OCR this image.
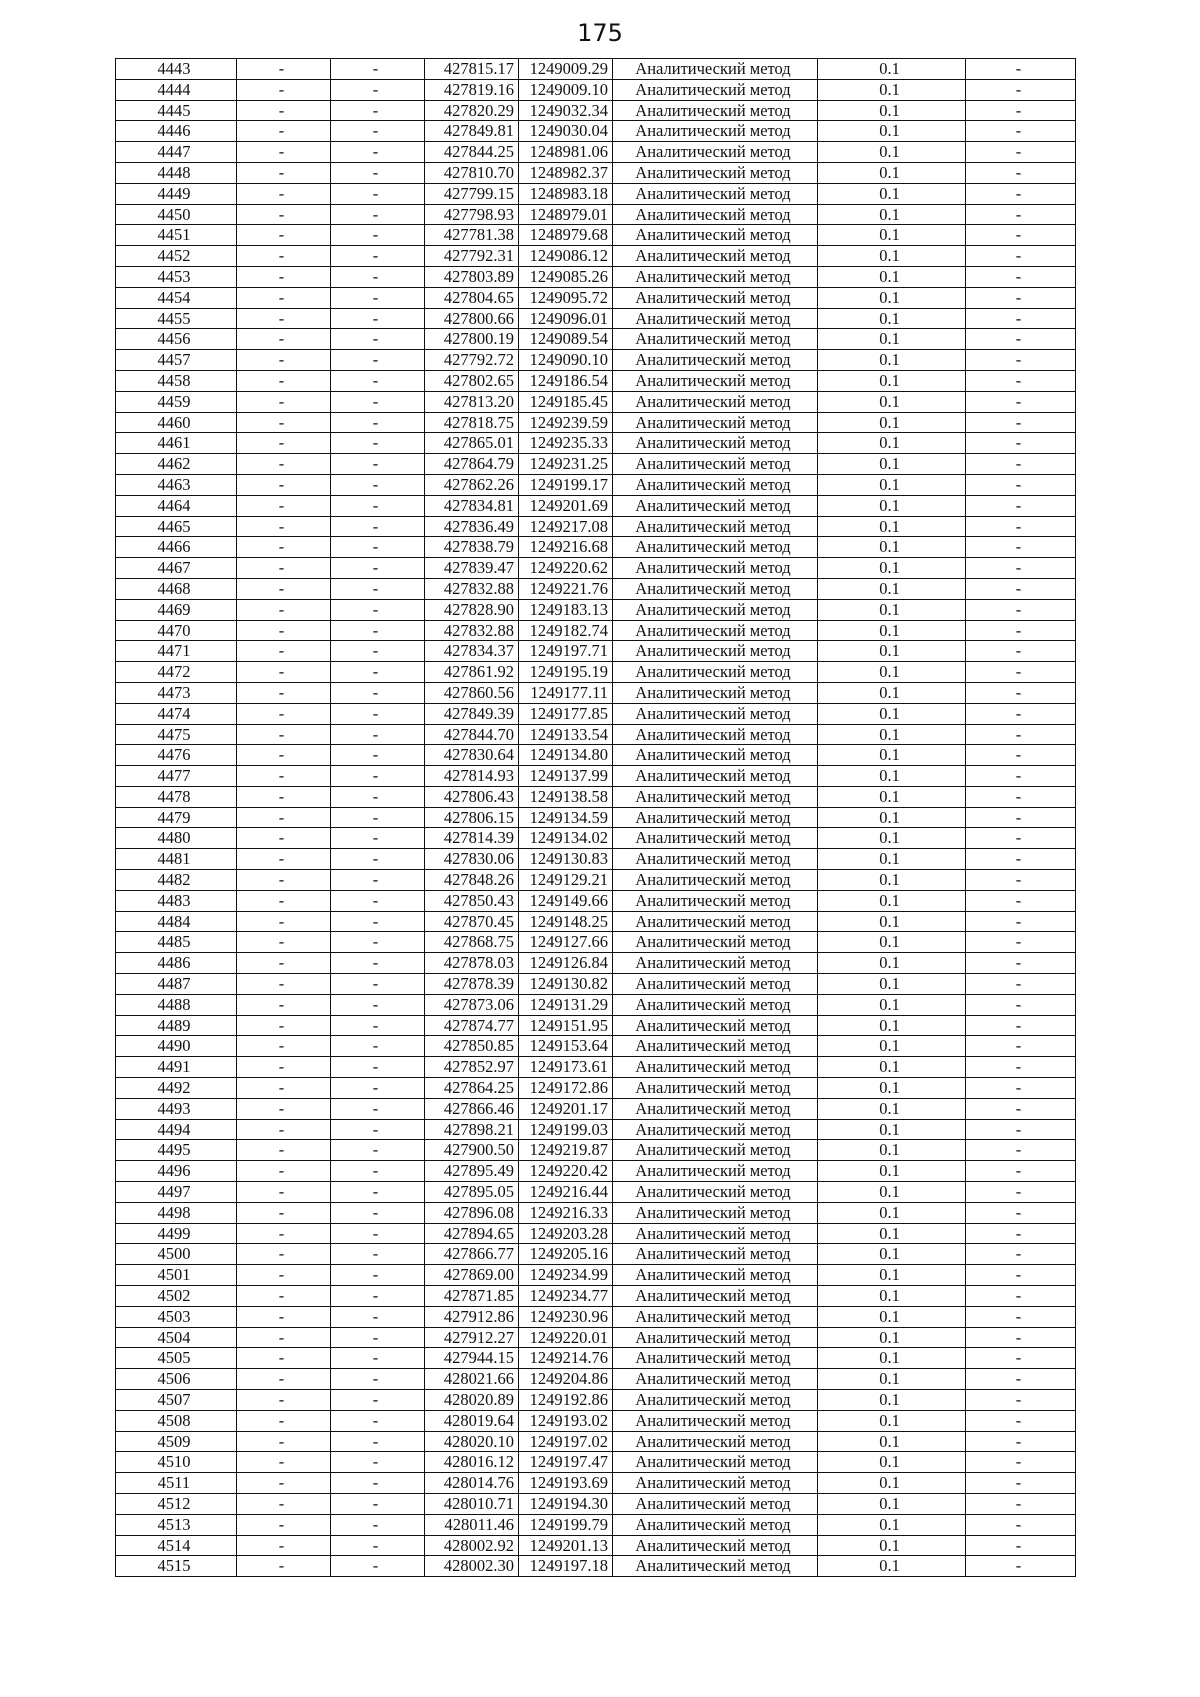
175
4443	-	-	427815.17	1249009.29	Аналитический метод	0.1	-
4444	-	-	427819.16	1249009.10	Аналитический метод	0.1	-
4445	-	-	427820.29	1249032.34	Аналитический метод	0.1	-
4446	-	-	427849.81	1249030.04	Аналитический метод	0.1	-
4447	-	-	427844.25	1248981.06	Аналитический метод	0.1	-
4448	-	-	427810.70	1248982.37	Аналитический метод	0.1	-
4449	-	-	427799.15	1248983.18	Аналитический метод	0.1	-
4450	-	-	427798.93	1248979.01	Аналитический метод	0.1	-
4451	-	-	427781.38	1248979.68	Аналитический метод	0.1	-
4452	-	-	427792.31	1249086.12	Аналитический метод	0.1	-
4453	-	-	427803.89	1249085.26	Аналитический метод	0.1	-
4454	-	-	427804.65	1249095.72	Аналитический метод	0.1	-
4455	-	-	427800.66	1249096.01	Аналитический метод	0.1	-
4456	-	-	427800.19	1249089.54	Аналитический метод	0.1	-
4457	-	-	427792.72	1249090.10	Аналитический метод	0.1	-
4458	-	-	427802.65	1249186.54	Аналитический метод	0.1	-
4459	-	-	427813.20	1249185.45	Аналитический метод	0.1	-
4460	-	-	427818.75	1249239.59	Аналитический метод	0.1	-
4461	-	-	427865.01	1249235.33	Аналитический метод	0.1	-
4462	-	-	427864.79	1249231.25	Аналитический метод	0.1	-
4463	-	-	427862.26	1249199.17	Аналитический метод	0.1	-
4464	-	-	427834.81	1249201.69	Аналитический метод	0.1	-
4465	-	-	427836.49	1249217.08	Аналитический метод	0.1	-
4466	-	-	427838.79	1249216.68	Аналитический метод	0.1	-
4467	-	-	427839.47	1249220.62	Аналитический метод	0.1	-
4468	-	-	427832.88	1249221.76	Аналитический метод	0.1	-
4469	-	-	427828.90	1249183.13	Аналитический метод	0.1	-
4470	-	-	427832.88	1249182.74	Аналитический метод	0.1	-
4471	-	-	427834.37	1249197.71	Аналитический метод	0.1	-
4472	-	-	427861.92	1249195.19	Аналитический метод	0.1	-
4473	-	-	427860.56	1249177.11	Аналитический метод	0.1	-
4474	-	-	427849.39	1249177.85	Аналитический метод	0.1	-
4475	-	-	427844.70	1249133.54	Аналитический метод	0.1	-
4476	-	-	427830.64	1249134.80	Аналитический метод	0.1	-
4477	-	-	427814.93	1249137.99	Аналитический метод	0.1	-
4478	-	-	427806.43	1249138.58	Аналитический метод	0.1	-
4479	-	-	427806.15	1249134.59	Аналитический метод	0.1	-
4480	-	-	427814.39	1249134.02	Аналитический метод	0.1	-
4481	-	-	427830.06	1249130.83	Аналитический метод	0.1	-
4482	-	-	427848.26	1249129.21	Аналитический метод	0.1	-
4483	-	-	427850.43	1249149.66	Аналитический метод	0.1	-
4484	-	-	427870.45	1249148.25	Аналитический метод	0.1	-
4485	-	-	427868.75	1249127.66	Аналитический метод	0.1	-
4486	-	-	427878.03	1249126.84	Аналитический метод	0.1	-
4487	-	-	427878.39	1249130.82	Аналитический метод	0.1	-
4488	-	-	427873.06	1249131.29	Аналитический метод	0.1	-
4489	-	-	427874.77	1249151.95	Аналитический метод	0.1	-
4490	-	-	427850.85	1249153.64	Аналитический метод	0.1	-
4491	-	-	427852.97	1249173.61	Аналитический метод	0.1	-
4492	-	-	427864.25	1249172.86	Аналитический метод	0.1	-
4493	-	-	427866.46	1249201.17	Аналитический метод	0.1	-
4494	-	-	427898.21	1249199.03	Аналитический метод	0.1	-
4495	-	-	427900.50	1249219.87	Аналитический метод	0.1	-
4496	-	-	427895.49	1249220.42	Аналитический метод	0.1	-
4497	-	-	427895.05	1249216.44	Аналитический метод	0.1	-
4498	-	-	427896.08	1249216.33	Аналитический метод	0.1	-
4499	-	-	427894.65	1249203.28	Аналитический метод	0.1	-
4500	-	-	427866.77	1249205.16	Аналитический метод	0.1	-
4501	-	-	427869.00	1249234.99	Аналитический метод	0.1	-
4502	-	-	427871.85	1249234.77	Аналитический метод	0.1	-
4503	-	-	427912.86	1249230.96	Аналитический метод	0.1	-
4504	-	-	427912.27	1249220.01	Аналитический метод	0.1	-
4505	-	-	427944.15	1249214.76	Аналитический метод	0.1	-
4506	-	-	428021.66	1249204.86	Аналитический метод	0.1	-
4507	-	-	428020.89	1249192.86	Аналитический метод	0.1	-
4508	-	-	428019.64	1249193.02	Аналитический метод	0.1	-
4509	-	-	428020.10	1249197.02	Аналитический метод	0.1	-
4510	-	-	428016.12	1249197.47	Аналитический метод	0.1	-
4511	-	-	428014.76	1249193.69	Аналитический метод	0.1	-
4512	-	-	428010.71	1249194.30	Аналитический метод	0.1	-
4513	-	-	428011.46	1249199.79	Аналитический метод	0.1	-
4514	-	-	428002.92	1249201.13	Аналитический метод	0.1	-
4515	-	-	428002.30	1249197.18	Аналитический метод	0.1	-
